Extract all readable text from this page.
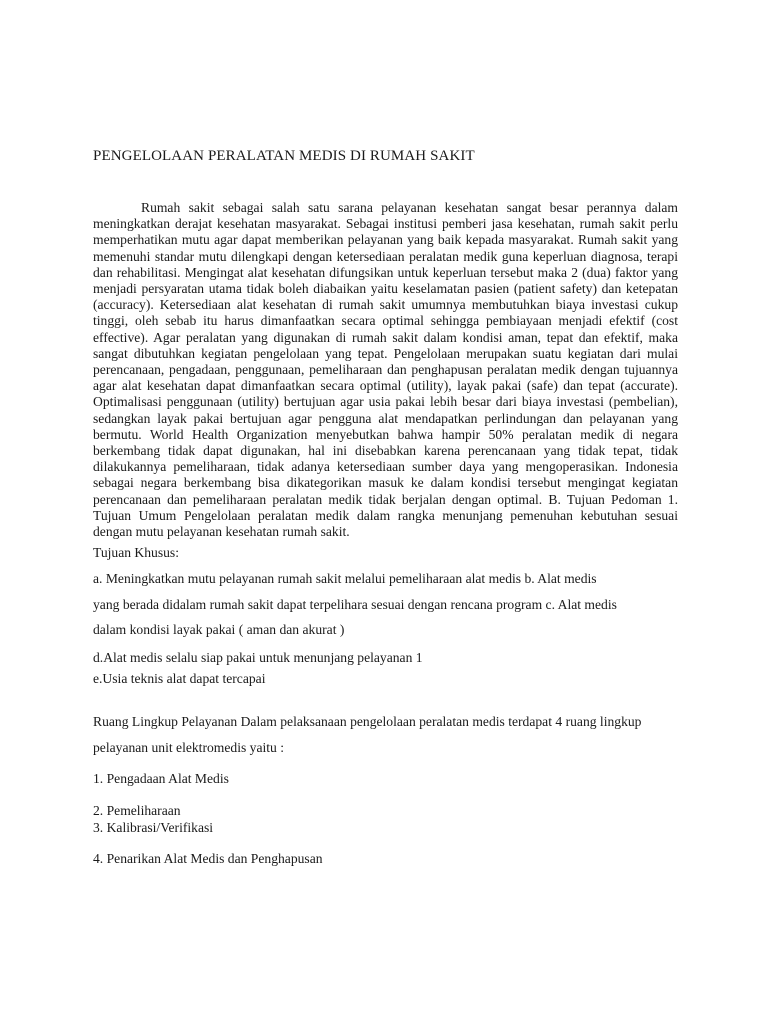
PENGELOLAAN PERALATAN MEDIS DI RUMAH SAKIT

Rumah sakit sebagai salah satu sarana pelayanan kesehatan sangat besar perannya dalam meningkatkan derajat kesehatan masyarakat. Sebagai institusi pemberi jasa kesehatan, rumah sakit perlu memperhatikan mutu agar dapat memberikan pelayanan yang baik kepada masyarakat. Rumah sakit yang memenuhi standar mutu dilengkapi dengan ketersediaan peralatan medik guna keperluan diagnosa, terapi dan rehabilitasi. Mengingat alat kesehatan difungsikan untuk keperluan tersebut maka 2 (dua) faktor yang menjadi persyaratan utama tidak boleh diabaikan yaitu keselamatan pasien (patient safety) dan ketepatan (accuracy). Ketersediaan alat kesehatan di rumah sakit umumnya membutuhkan biaya investasi cukup tinggi, oleh sebab itu harus dimanfaatkan secara optimal sehingga pembiayaan menjadi efektif (cost effective). Agar peralatan yang digunakan di rumah sakit dalam kondisi aman, tepat dan efektif, maka sangat dibutuhkan kegiatan pengelolaan yang tepat. Pengelolaan merupakan suatu kegiatan dari mulai perencanaan, pengadaan, penggunaan, pemeliharaan dan penghapusan peralatan medik dengan tujuannya agar alat kesehatan dapat dimanfaatkan secara optimal (utility), layak pakai (safe) dan tepat (accurate). Optimalisasi penggunaan (utility) bertujuan agar usia pakai lebih besar dari biaya investasi (pembelian), sedangkan layak pakai bertujuan agar pengguna alat mendapatkan perlindungan dan pelayanan yang bermutu. World Health Organization menyebutkan bahwa hampir 50% peralatan medik di negara berkembang tidak dapat digunakan, hal ini disebabkan karena perencanaan yang tidak tepat, tidak dilakukannya pemeliharaan, tidak adanya ketersediaan sumber daya yang mengoperasikan. Indonesia sebagai negara berkembang bisa dikategorikan masuk ke dalam kondisi tersebut mengingat kegiatan perencanaan dan pemeliharaan peralatan medik tidak berjalan dengan optimal. B. Tujuan Pedoman 1. Tujuan Umum Pengelolaan peralatan medik dalam rangka menunjang pemenuhan kebutuhan sesuai dengan mutu pelayanan kesehatan rumah sakit.

Tujuan Khusus:
a. Meningkatkan mutu pelayanan rumah sakit melalui pemeliharaan alat medis b. Alat medis
yang berada didalam rumah sakit dapat terpelihara sesuai dengan rencana program c. Alat medis
dalam kondisi layak pakai ( aman dan akurat )
d.Alat medis selalu siap pakai untuk menunjang pelayanan 1
e.Usia teknis alat dapat tercapai
Ruang Lingkup Pelayanan Dalam pelaksanaan pengelolaan peralatan medis terdapat 4 ruang lingkup
pelayanan unit elektromedis yaitu :
1. Pengadaan Alat Medis
2. Pemeliharaan
3. Kalibrasi/Verifikasi
4. Penarikan Alat Medis dan Penghapusan
